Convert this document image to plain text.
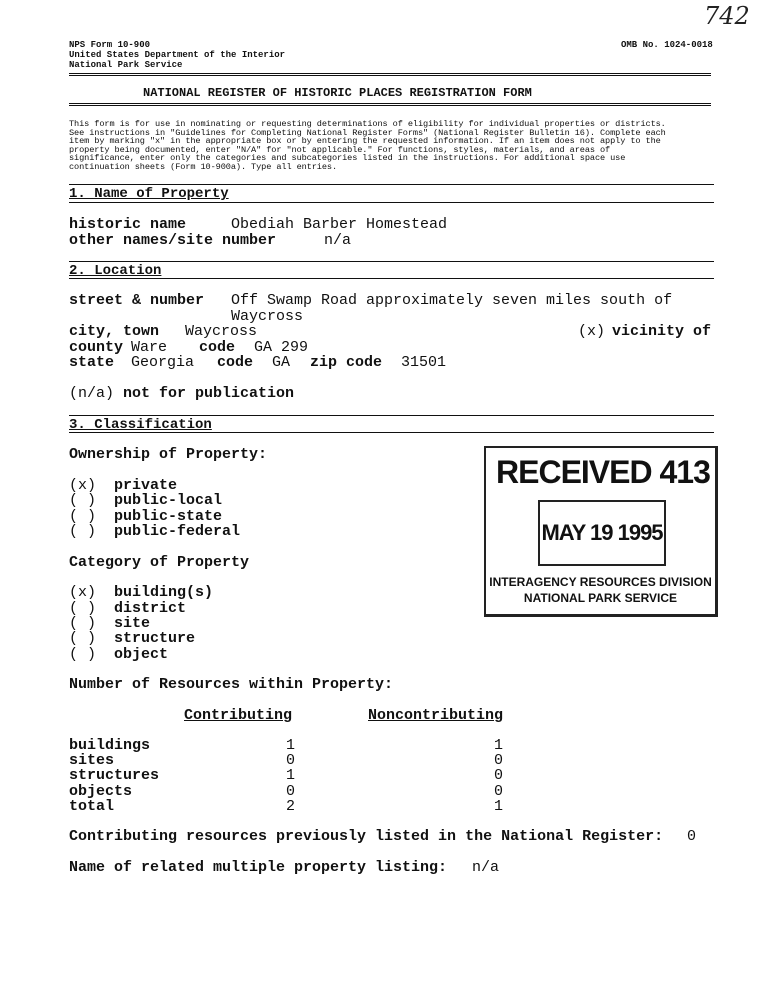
742
NPS Form 10-900
United States Department of the Interior
National Park Service
OMB No. 1024-0018
NATIONAL REGISTER OF HISTORIC PLACES REGISTRATION FORM
This form is for use in nominating or requesting determinations of eligibility for individual properties or districts.
See instructions in "Guidelines for Completing National Register Forms" (National Register Bulletin 16). Complete each
item by marking "x" in the appropriate box or by entering the requested information. If an item does not apply to the
property being documented, enter "N/A" for "not applicable." For functions, styles, materials, and areas of
significance, enter only the categories and subcategories listed in the instructions. For additional space use
continuation sheets (Form 10-900a). Type all entries.
1. Name of Property
historic name	Obediah Barber Homestead
other names/site number	n/a
2. Location
street & number Off Swamp Road approximately seven miles south of
Waycross
city, town Waycross	(x) vicinity of
county Ware code GA 299
state Georgia code GA zip code 31501
(n/a) not for publication
3. Classification
Ownership of Property:
(x) private
( ) public-local
( ) public-state
( ) public-federal
Category of Property
(x) building(s)
( ) district
( ) site
( ) structure
( ) object
Number of Resources within Property:
Contributing	Noncontributing
buildings	1	1
sites	0	0
structures	1	0
objects	0	0
total	2	1
Contributing resources previously listed in the National Register: 0
Name of related multiple property listing: n/a
RECEIVED 413
MAY 19 1995
INTERAGENCY RESOURCES DIVISION
NATIONAL PARK SERVICE
